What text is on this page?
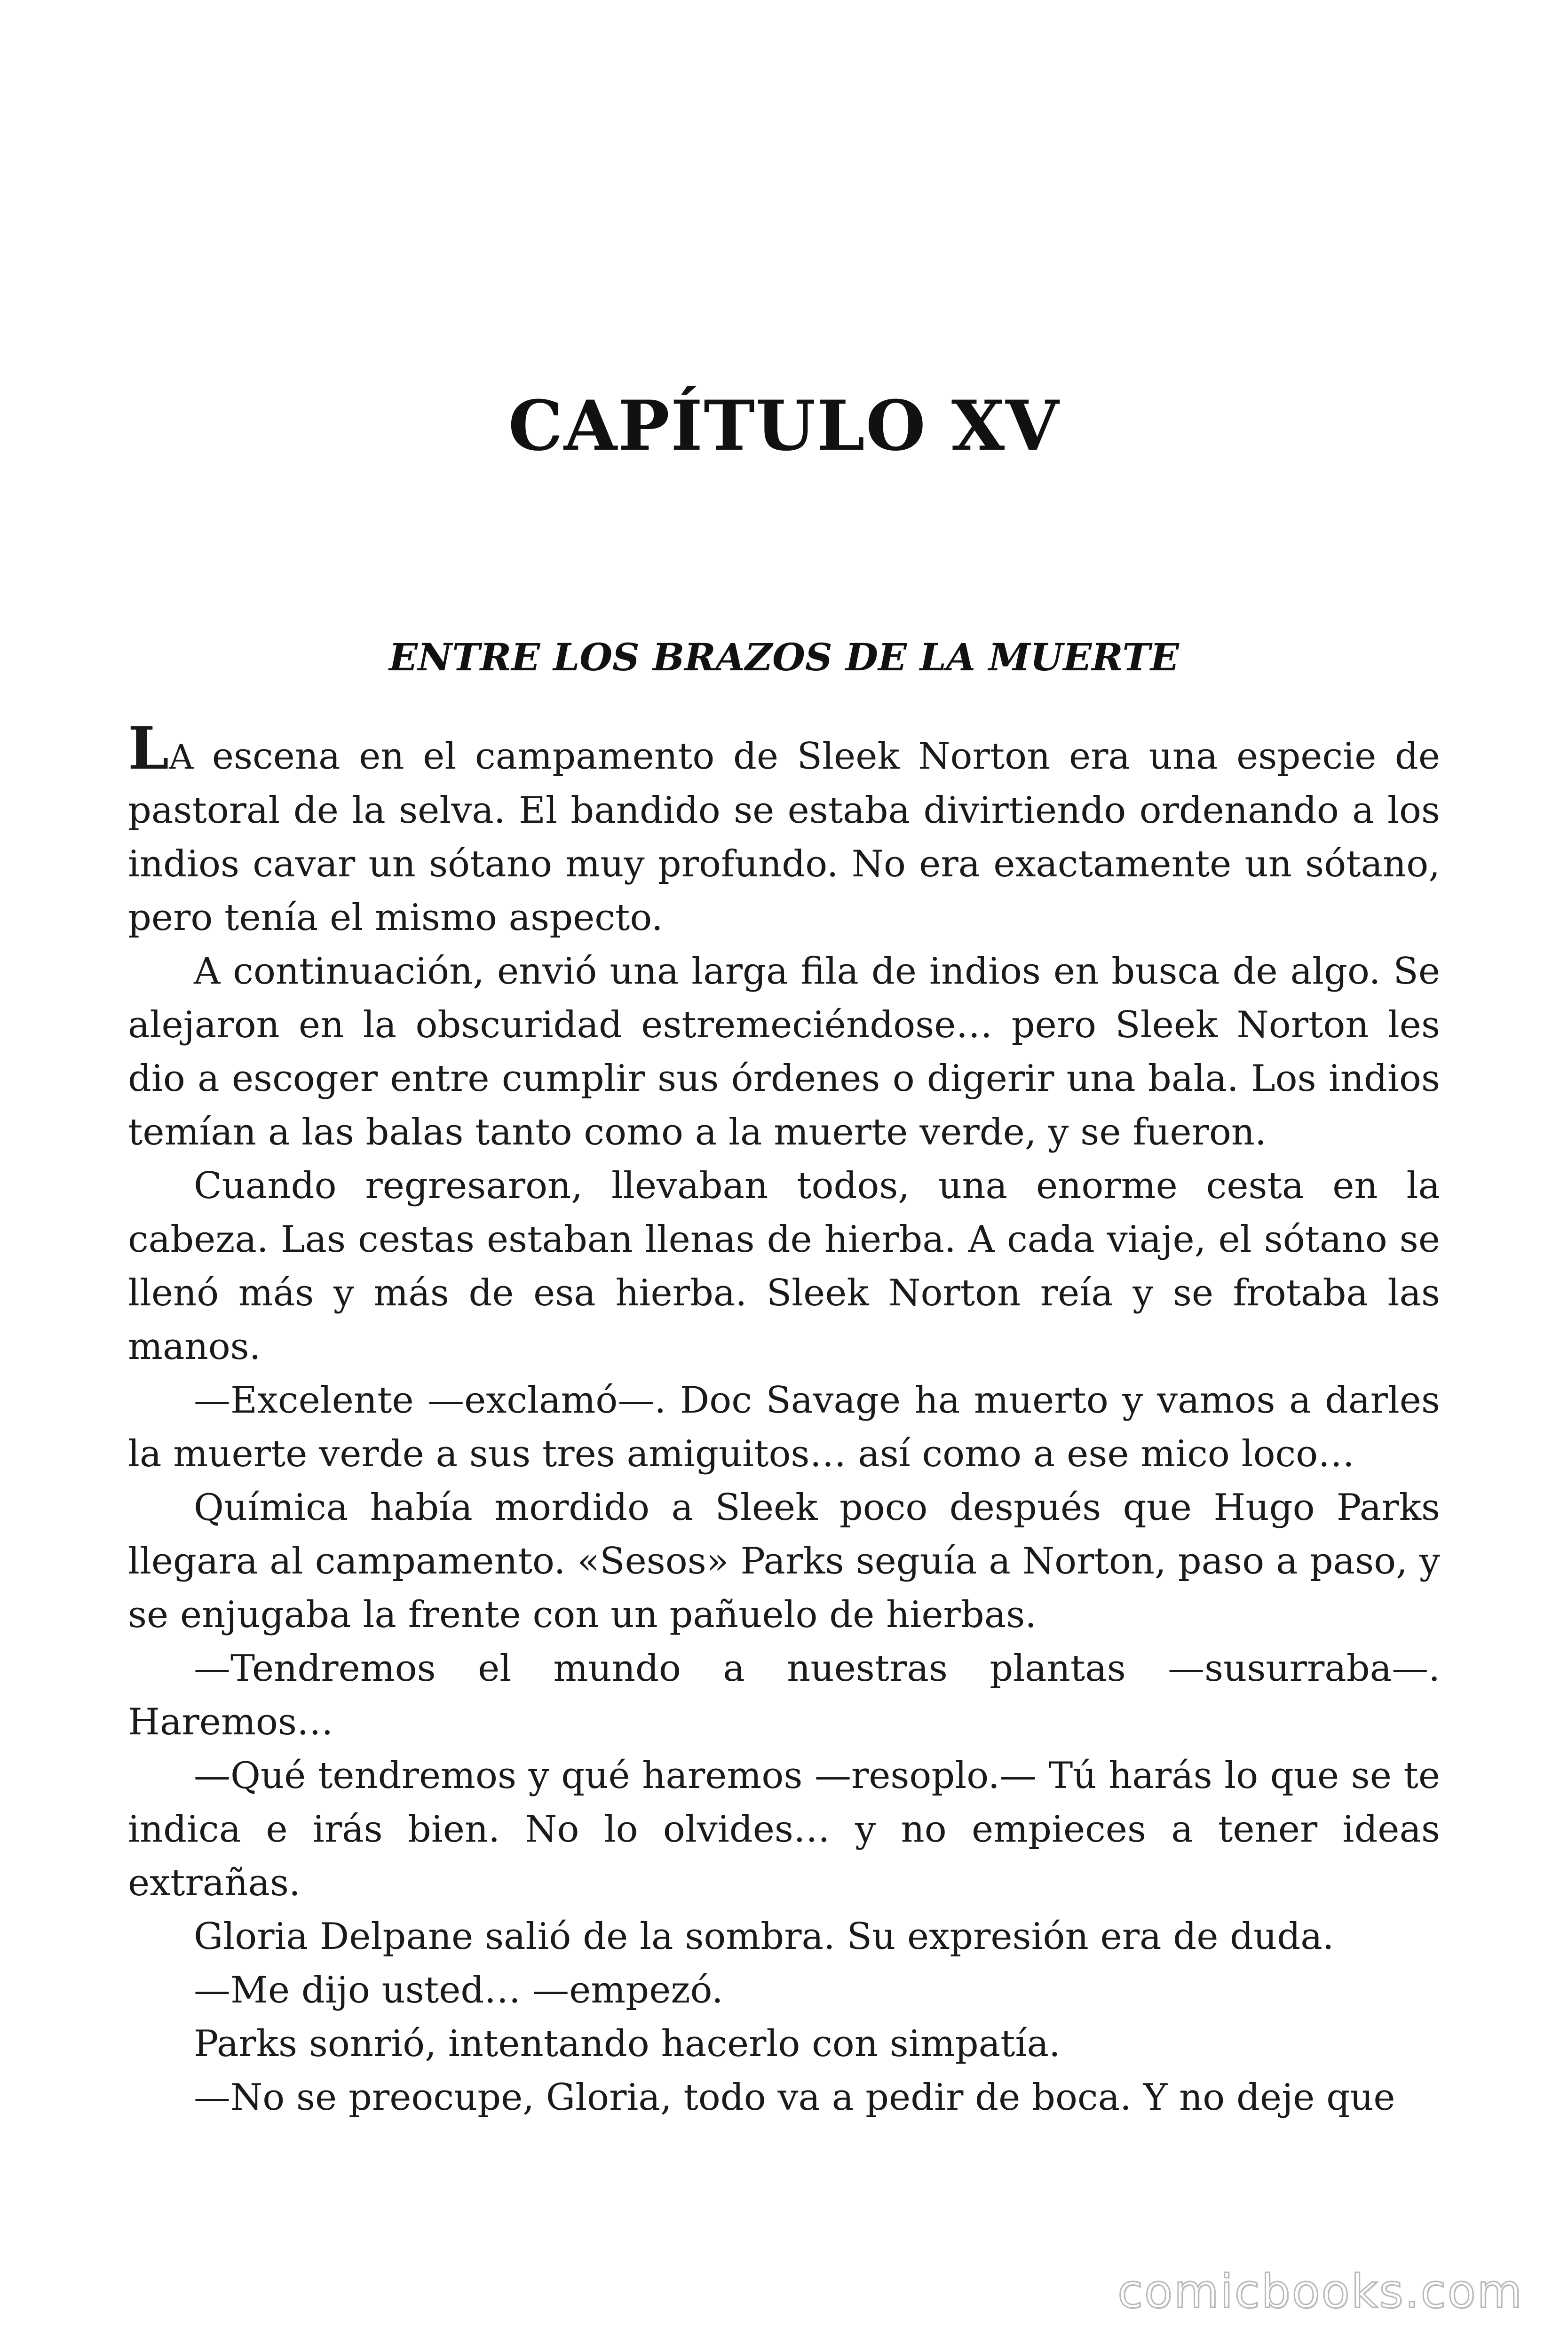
CAPÍTULO XV
ENTRE LOS BRAZOS DE LA MUERTE

LA escena en el campamento de Sleek Norton era una especie de pastoral de la selva. El bandido se estaba divirtiendo ordenando a los indios cavar un sótano muy profundo. No era exactamente un sótano, pero tenía el mismo aspecto.

A continuación, envió una larga fila de indios en busca de algo. Se alejaron en la obscuridad estremeciéndose… pero Sleek Norton les dio a escoger entre cumplir sus órdenes o digerir una bala. Los indios temían a las balas tanto como a la muerte verde, y se fueron.

Cuando regresaron, llevaban todos, una enorme cesta en la cabeza. Las cestas estaban llenas de hierba. A cada viaje, el sótano se llenó más y más de esa hierba. Sleek Norton reía y se frotaba las manos.

—Excelente —exclamó—. Doc Savage ha muerto y vamos a darles la muerte verde a sus tres amiguitos… así como a ese mico loco…

Química había mordido a Sleek poco después que Hugo Parks llegara al campamento. «Sesos» Parks seguía a Norton, paso a paso, y se enjugaba la frente con un pañuelo de hierbas.

—Tendremos el mundo a nuestras plantas —susurraba—. Haremos…

—Qué tendremos y qué haremos —resoplo.— Tú harás lo que se te indica e irás bien. No lo olvides… y no empieces a tener ideas extrañas.

Gloria Delpane salió de la sombra. Su expresión era de duda.

—Me dijo usted… —empezó.

Parks sonrió, intentando hacerlo con simpatía.

—No se preocupe, Gloria, todo va a pedir de boca. Y no deje que

comicbooks.com
